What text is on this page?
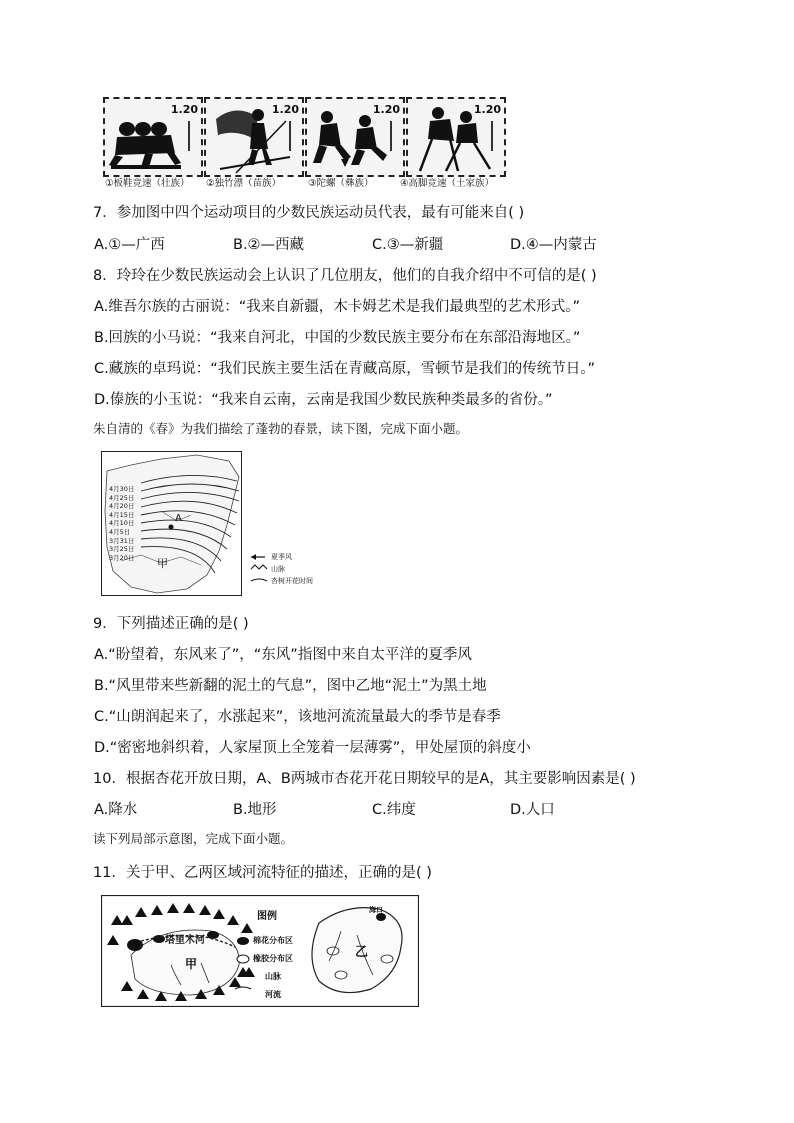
1.20	1.20	1.20	1.20
①板鞋竞速（壮族） ②独竹漂（苗族）	③陀螺（彝族）	④高脚竞速（土家族）
7．参加图中四个运动项目的少数民族运动员代表，最有可能来自( )
A.①—广西	B.②—西藏	C.③—新疆	D.④—内蒙古
8．玲玲在少数民族运动会上认识了几位朋友，他们的自我介绍中不可信的是( )
A.维吾尔族的古丽说：“我来自新疆，木卡姆艺术是我们最典型的艺术形式。”
B.回族的小马说：“我来自河北，中国的少数民族主要分布在东部沿海地区。”
C.藏族的卓玛说：“我们民族主要生活在青藏高原，雪顿节是我们的传统节日。”
D.傣族的小玉说：“我来自云南，云南是我国少数民族种类最多的省份。”
朱自清的《春》为我们描绘了蓬勃的春景，读下图，完成下面小题。
4月30日
4月25日
4月20日
4月15日
4月10日
4月5日
3月31日
3月25日
3月20日
A
甲	夏季风
山脉
杏树开花时间
9．下列描述正确的是( )
A.“盼望着，东风来了”，“东风”指图中来自太平洋的夏季风
B.“风里带来些新翻的泥土的气息”，图中乙地“泥土”为黑土地
C.“山朗润起来了，水涨起来”，该地河流流量最大的季节是春季
D.“密密地斜织着，人家屋顶上全笼着一层薄雾”，甲处屋顶的斜度小
10．根据杏花开放日期，A、B两城市杏花开花日期较早的是A，其主要影响因素是( )
A.降水	B.地形	C.纬度	D.人口
读下列局部示意图，完成下面小题。
11．关于甲、乙两区域河流特征的描述，正确的是( )
塔里木河
甲
图例
棉花分布区
橡胶分布区
山脉
河流
海口
乙
